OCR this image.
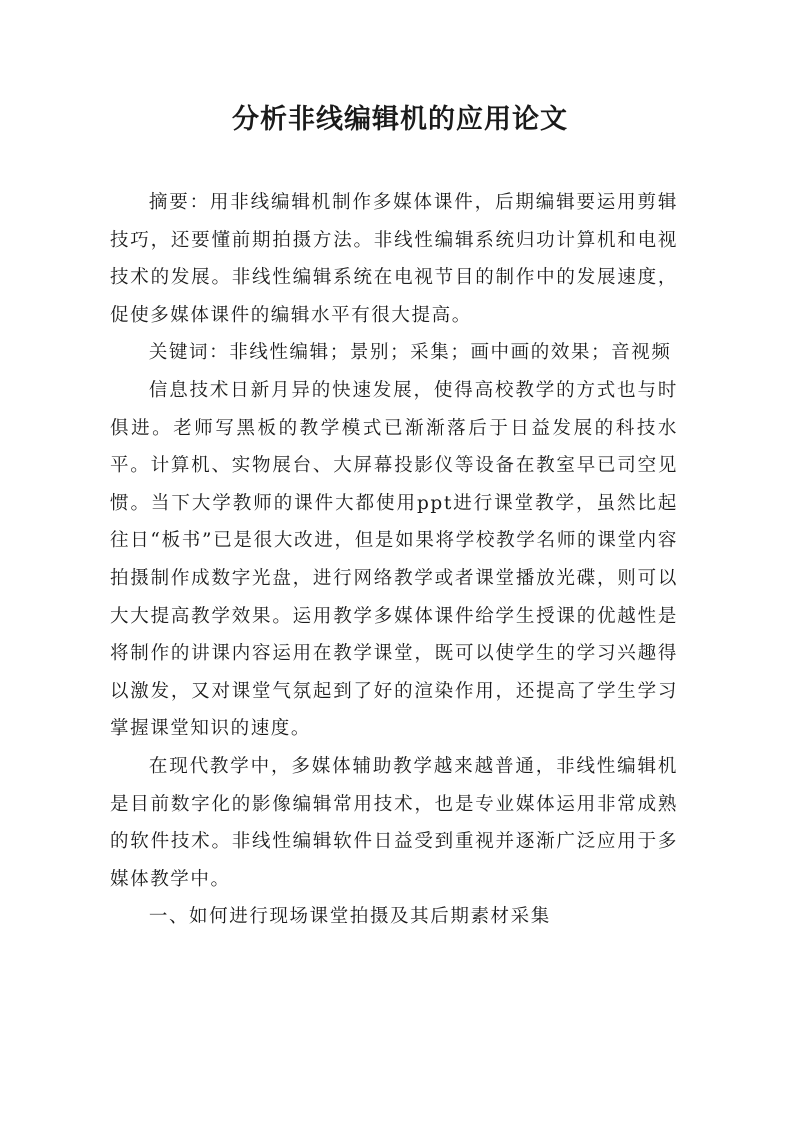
分析非线编辑机的应用论文

摘要：用非线编辑机制作多媒体课件，后期编辑要运用剪辑技巧，还要懂前期拍摄方法。非线性编辑系统归功计算机和电视技术的发展。非线性编辑系统在电视节目的制作中的发展速度，促使多媒体课件的编辑水平有很大提高。

关键词：非线性编辑；景别；采集；画中画的效果；音视频

信息技术日新月异的快速发展，使得高校教学的方式也与时俱进。老师写黑板的教学模式已渐渐落后于日益发展的科技水平。计算机、实物展台、大屏幕投影仪等设备在教室早已司空见惯。当下大学教师的课件大都使用ppt进行课堂教学，虽然比起往日“板书”已是很大改进，但是如果将学校教学名师的课堂内容拍摄制作成数字光盘，进行网络教学或者课堂播放光碟，则可以大大提高教学效果。运用教学多媒体课件给学生授课的优越性是将制作的讲课内容运用在教学课堂，既可以使学生的学习兴趣得以激发，又对课堂气氛起到了好的渲染作用，还提高了学生学习掌握课堂知识的速度。

在现代教学中，多媒体辅助教学越来越普通，非线性编辑机是目前数字化的影像编辑常用技术，也是专业媒体运用非常成熟的软件技术。非线性编辑软件日益受到重视并逐渐广泛应用于多媒体教学中。

一、如何进行现场课堂拍摄及其后期素材采集
